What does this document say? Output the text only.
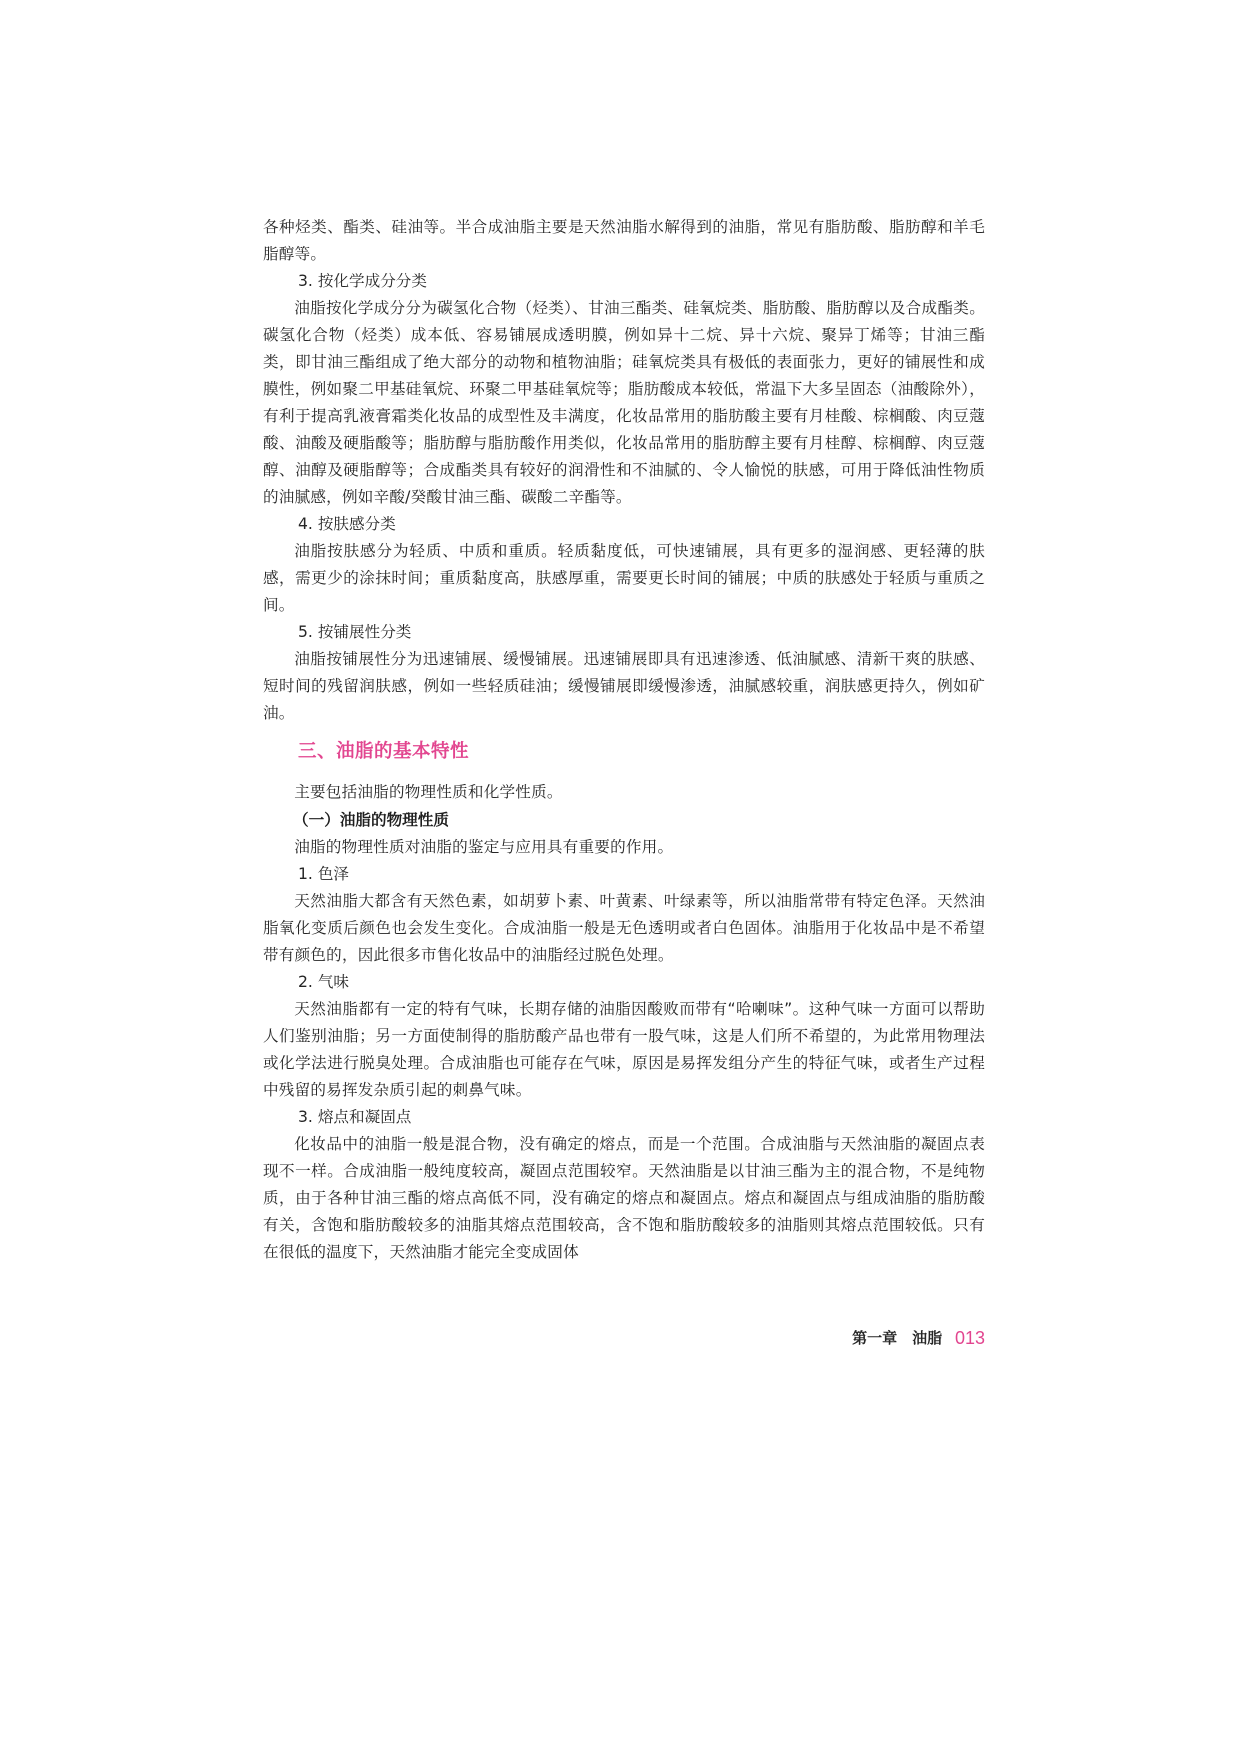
各种烃类、酯类、硅油等。半合成油脂主要是天然油脂水解得到的油脂，常见有脂肪酸、脂肪醇和羊毛脂醇等。

3. 按化学成分分类

油脂按化学成分分为碳氢化合物（烃类）、甘油三酯类、硅氧烷类、脂肪酸、脂肪醇以及合成酯类。碳氢化合物（烃类）成本低、容易铺展成透明膜，例如异十二烷、异十六烷、聚异丁烯等；甘油三酯类，即甘油三酯组成了绝大部分的动物和植物油脂；硅氧烷类具有极低的表面张力，更好的铺展性和成膜性，例如聚二甲基硅氧烷、环聚二甲基硅氧烷等；脂肪酸成本较低，常温下大多呈固态（油酸除外），有利于提高乳液膏霜类化妆品的成型性及丰满度，化妆品常用的脂肪酸主要有月桂酸、棕榈酸、肉豆蔻酸、油酸及硬脂酸等；脂肪醇与脂肪酸作用类似，化妆品常用的脂肪醇主要有月桂醇、棕榈醇、肉豆蔻醇、油醇及硬脂醇等；合成酯类具有较好的润滑性和不油腻的、令人愉悦的肤感，可用于降低油性物质的油腻感，例如辛酸/癸酸甘油三酯、碳酸二辛酯等。

4. 按肤感分类

油脂按肤感分为轻质、中质和重质。轻质黏度低，可快速铺展，具有更多的湿润感、更轻薄的肤感，需更少的涂抹时间；重质黏度高，肤感厚重，需要更长时间的铺展；中质的肤感处于轻质与重质之间。

5. 按铺展性分类

油脂按铺展性分为迅速铺展、缓慢铺展。迅速铺展即具有迅速渗透、低油腻感、清新干爽的肤感、短时间的残留润肤感，例如一些轻质硅油；缓慢铺展即缓慢渗透，油腻感较重，润肤感更持久，例如矿油。

三、油脂的基本特性

主要包括油脂的物理性质和化学性质。

（一）油脂的物理性质

油脂的物理性质对油脂的鉴定与应用具有重要的作用。

1. 色泽

天然油脂大都含有天然色素，如胡萝卜素、叶黄素、叶绿素等，所以油脂常带有特定色泽。天然油脂氧化变质后颜色也会发生变化。合成油脂一般是无色透明或者白色固体。油脂用于化妆品中是不希望带有颜色的，因此很多市售化妆品中的油脂经过脱色处理。

2. 气味

天然油脂都有一定的特有气味，长期存储的油脂因酸败而带有“哈喇味”。这种气味一方面可以帮助人们鉴别油脂；另一方面使制得的脂肪酸产品也带有一股气味，这是人们所不希望的，为此常用物理法或化学法进行脱臭处理。合成油脂也可能存在气味，原因是易挥发组分产生的特征气味，或者生产过程中残留的易挥发杂质引起的刺鼻气味。

3. 熔点和凝固点

化妆品中的油脂一般是混合物，没有确定的熔点，而是一个范围。合成油脂与天然油脂的凝固点表现不一样。合成油脂一般纯度较高，凝固点范围较窄。天然油脂是以甘油三酯为主的混合物，不是纯物质，由于各种甘油三酯的熔点高低不同，没有确定的熔点和凝固点。熔点和凝固点与组成油脂的脂肪酸有关，含饱和脂肪酸较多的油脂其熔点范围较高，含不饱和脂肪酸较多的油脂则其熔点范围较低。只有在很低的温度下，天然油脂才能完全变成固体

第一章　油脂 013
